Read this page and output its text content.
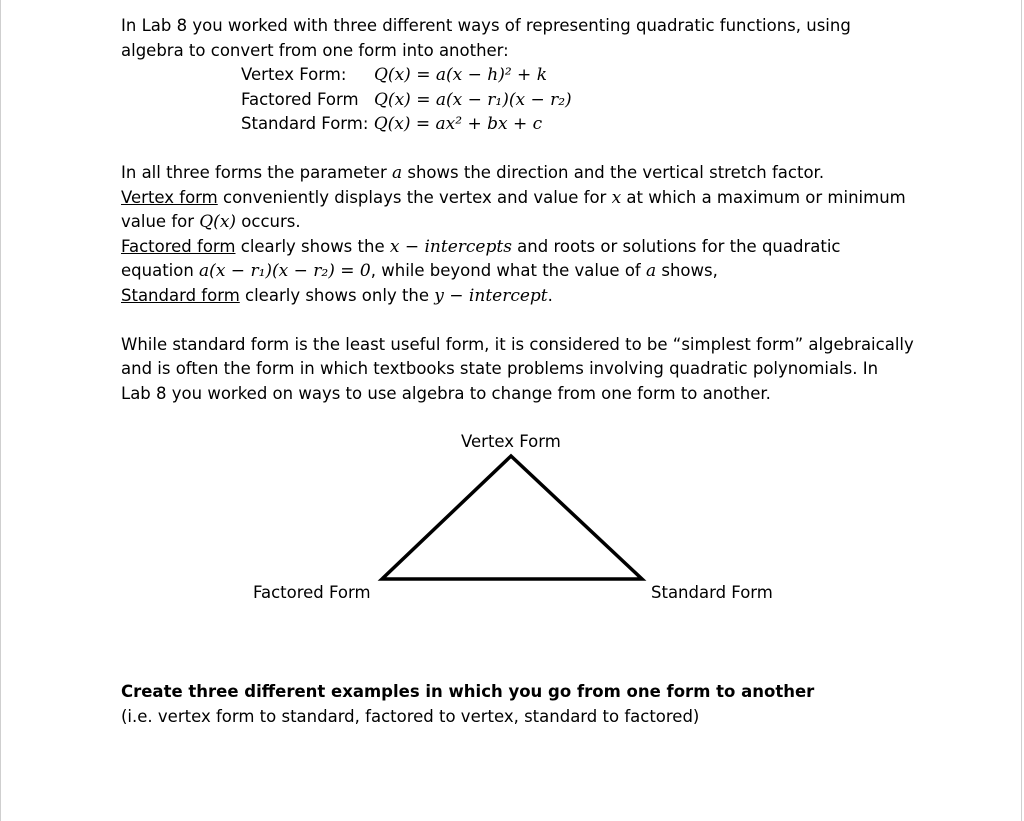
In Lab 8 you worked with three different ways of representing quadratic functions, using

algebra to convert from one form into another:

Vertex Form: Q(x) = a(x − h)² + k
Factored Form Q(x) = a(x − r₁)(x − r₂)
Standard Form: Q(x) = ax² + bx + c

In all three forms the parameter a shows the direction and the vertical stretch factor.

Vertex form conveniently displays the vertex and value for x at which a maximum or minimum

value for Q(x) occurs.

Factored form clearly shows the x − intercepts and roots or solutions for the quadratic

equation a(x − r₁)(x − r₂) = 0, while beyond what the value of a shows,

Standard form clearly shows only the y − intercept.

While standard form is the least useful form, it is considered to be “simplest form” algebraically

and is often the form in which textbooks state problems involving quadratic polynomials. In

Lab 8 you worked on ways to use algebra to change from one form to another.

Vertex Form
Factored Form	Standard Form

Create three different examples in which you go from one form to another

(i.e. vertex form to standard, factored to vertex, standard to factored)
